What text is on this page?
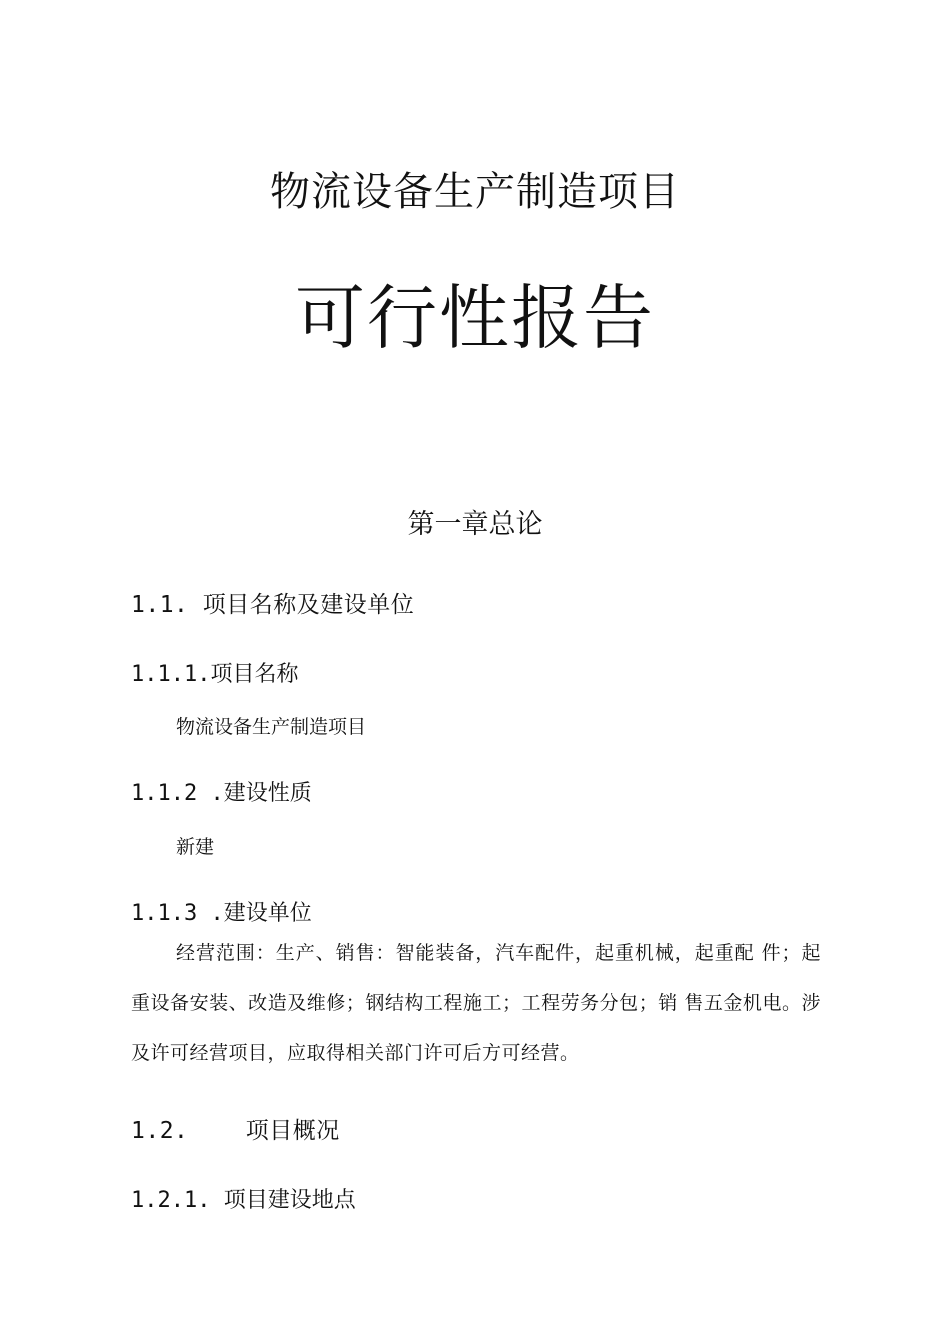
物流设备生产制造项目
可行性报告
第一章总论
1.1. 项目名称及建设单位
1.1.1.项目名称
物流设备生产制造项目
1.1.2 .建设性质
新建
1.1.3 .建设单位
经营范围：生产、销售：智能装备，汽车配件，起重机械，起重配 件；起重设备安装、改造及维修；钢结构工程施工；工程劳务分包；销 售五金机电。涉及许可经营项目，应取得相关部门许可后方可经营。
1.2.    项目概况
1.2.1. 项目建设地点
